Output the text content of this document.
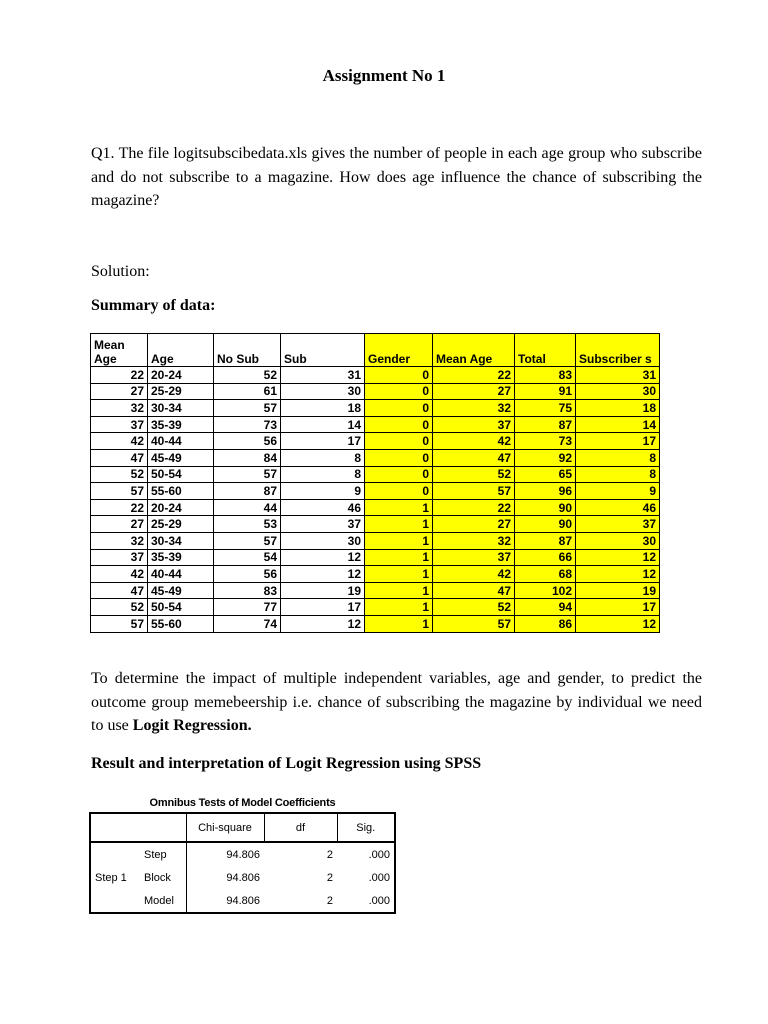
Assignment No 1
Q1. The file logitsubscibedata.xls gives the number of people in each age group who subscribe and do not subscribe to a magazine. How does age influence the chance of subscribing the magazine?
Solution:
Summary of data:
Mean Age	Age	No Sub	Sub	Gender	Mean Age	Total	Subscriber s
22	20-24	52	31	0	22	83	31
27	25-29	61	30	0	27	91	30
32	30-34	57	18	0	32	75	18
37	35-39	73	14	0	37	87	14
42	40-44	56	17	0	42	73	17
47	45-49	84	8	0	47	92	8
52	50-54	57	8	0	52	65	8
57	55-60	87	9	0	57	96	9
22	20-24	44	46	1	22	90	46
27	25-29	53	37	1	27	90	37
32	30-34	57	30	1	32	87	30
37	35-39	54	12	1	37	66	12
42	40-44	56	12	1	42	68	12
47	45-49	83	19	1	47	102	19
52	50-54	77	17	1	52	94	17
57	55-60	74	12	1	57	86	12
To determine the impact of multiple independent variables, age and gender, to predict the outcome group memebeership i.e. chance of subscribing the magazine by individual we need to use Logit Regression.
Result and interpretation of Logit Regression using SPSS
Omnibus Tests of Model Coefficients
		Chi-square	df	Sig.
	Step	94.806	2	.000
Step 1	Block	94.806	2	.000
	Model	94.806	2	.000
